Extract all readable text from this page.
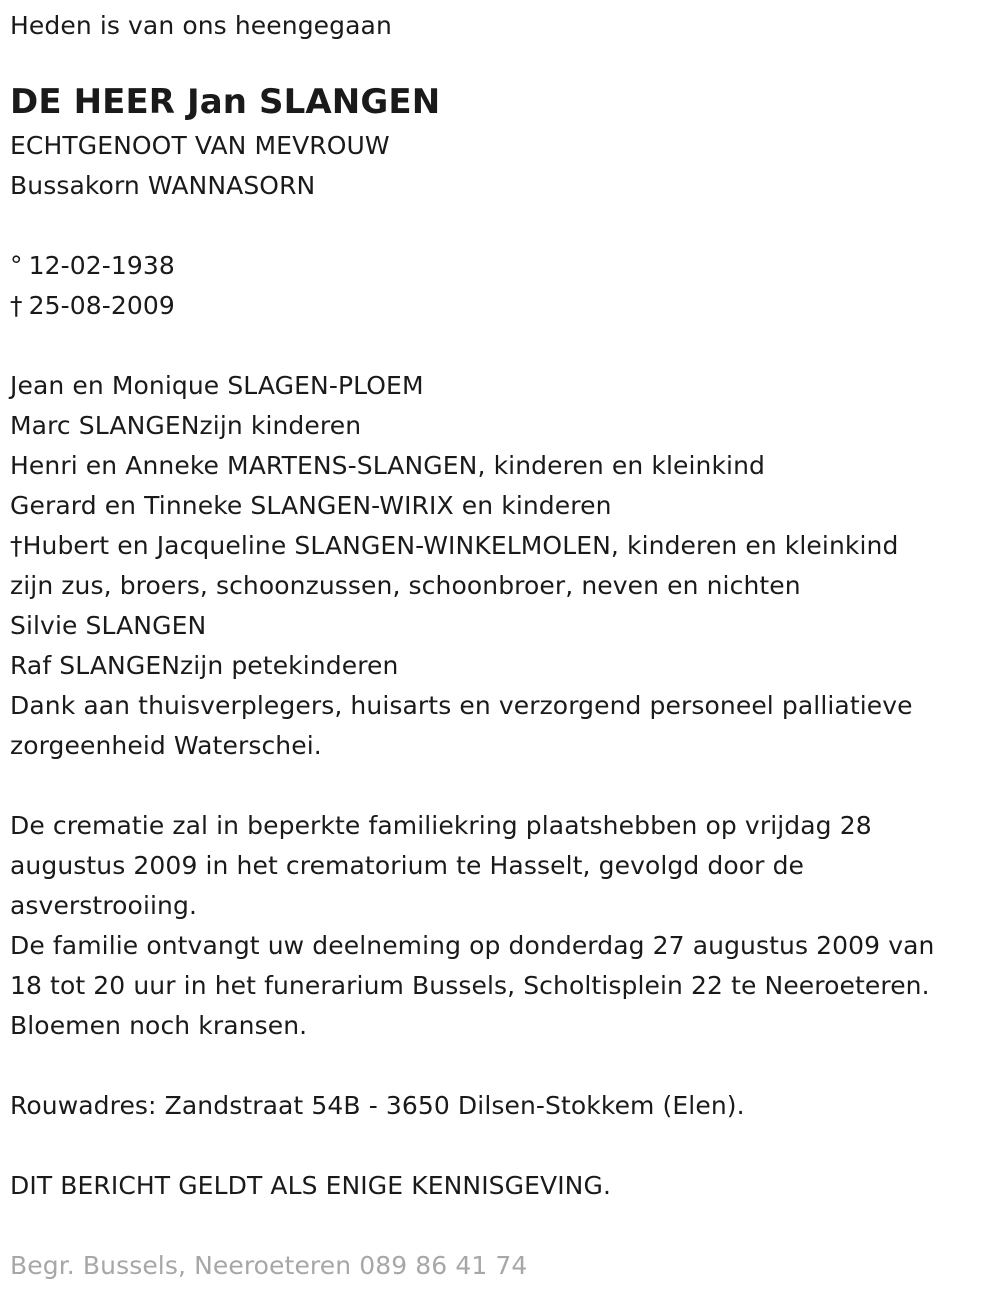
Heden is van ons heengegaan
DE HEER Jan SLANGEN
ECHTGENOOT VAN MEVROUW
Bussakorn WANNASORN
° 12-02-1938
† 25-08-2009
Jean en Monique SLAGEN-PLOEM
Marc SLANGENzijn kinderen
Henri en Anneke MARTENS-SLANGEN, kinderen en kleinkind
Gerard en Tinneke SLANGEN-WIRIX en kinderen
†Hubert en Jacqueline SLANGEN-WINKELMOLEN, kinderen en kleinkind
zijn zus, broers, schoonzussen, schoonbroer, neven en nichten
Silvie SLANGEN
Raf SLANGENzijn petekinderen
Dank aan thuisverplegers, huisarts en verzorgend personeel palliatieve
zorgeenheid Waterschei.
De crematie zal in beperkte familiekring plaatshebben op vrijdag 28
augustus 2009 in het crematorium te Hasselt, gevolgd door de
asverstrooiing.
De familie ontvangt uw deelneming op donderdag 27 augustus 2009 van
18 tot 20 uur in het funerarium Bussels, Scholtisplein 22 te Neeroeteren.
Bloemen noch kransen.
Rouwadres: Zandstraat 54B - 3650 Dilsen-Stokkem (Elen).
DIT BERICHT GELDT ALS ENIGE KENNISGEVING.
Begr. Bussels, Neeroeteren 089 86 41 74
